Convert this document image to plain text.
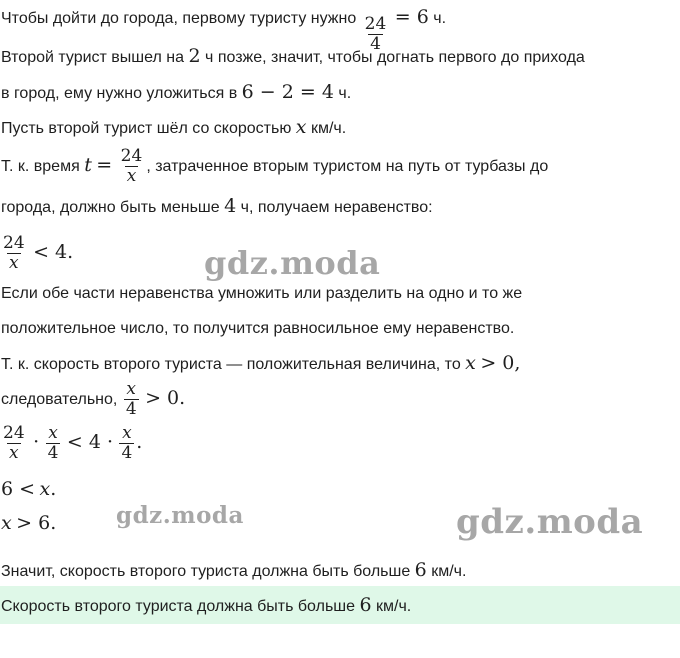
Чтобы дойти до города, первому туристу нужно $\frac{24}{4} = 6$ ч.
Второй турист вышел на 2 ч позже, значит, чтобы догнать первого до прихода
в город, ему нужно уложиться в 6 − 2 = 4 ч.
Пусть второй турист шёл со скоростью x км/ч.
Т. к. время $t = \frac{24}{x}$ , затраченное вторым туристом на путь от турбазы до
города, должно быть меньше 4 ч, получаем неравенство:
$\frac{24}{x} < 4$.
Если обе части неравенства умножить или разделить на одно и то же
положительное число, то получится равносильное ему неравенство.
Т. к. скорость второго туриста — положительная величина, то x > 0,
следовательно, $\frac{x}{4} > 0$.
$\frac{24}{x} \cdot \frac{x}{4} < 4 \cdot \frac{x}{4}$ .
6 < x.
x > 6.
Значит, скорость второго туриста должна быть больше 6 км/ч.
Скорость второго туриста должна быть больше 6 км/ч.
gdz.moda
gdz.moda	gdz.moda
